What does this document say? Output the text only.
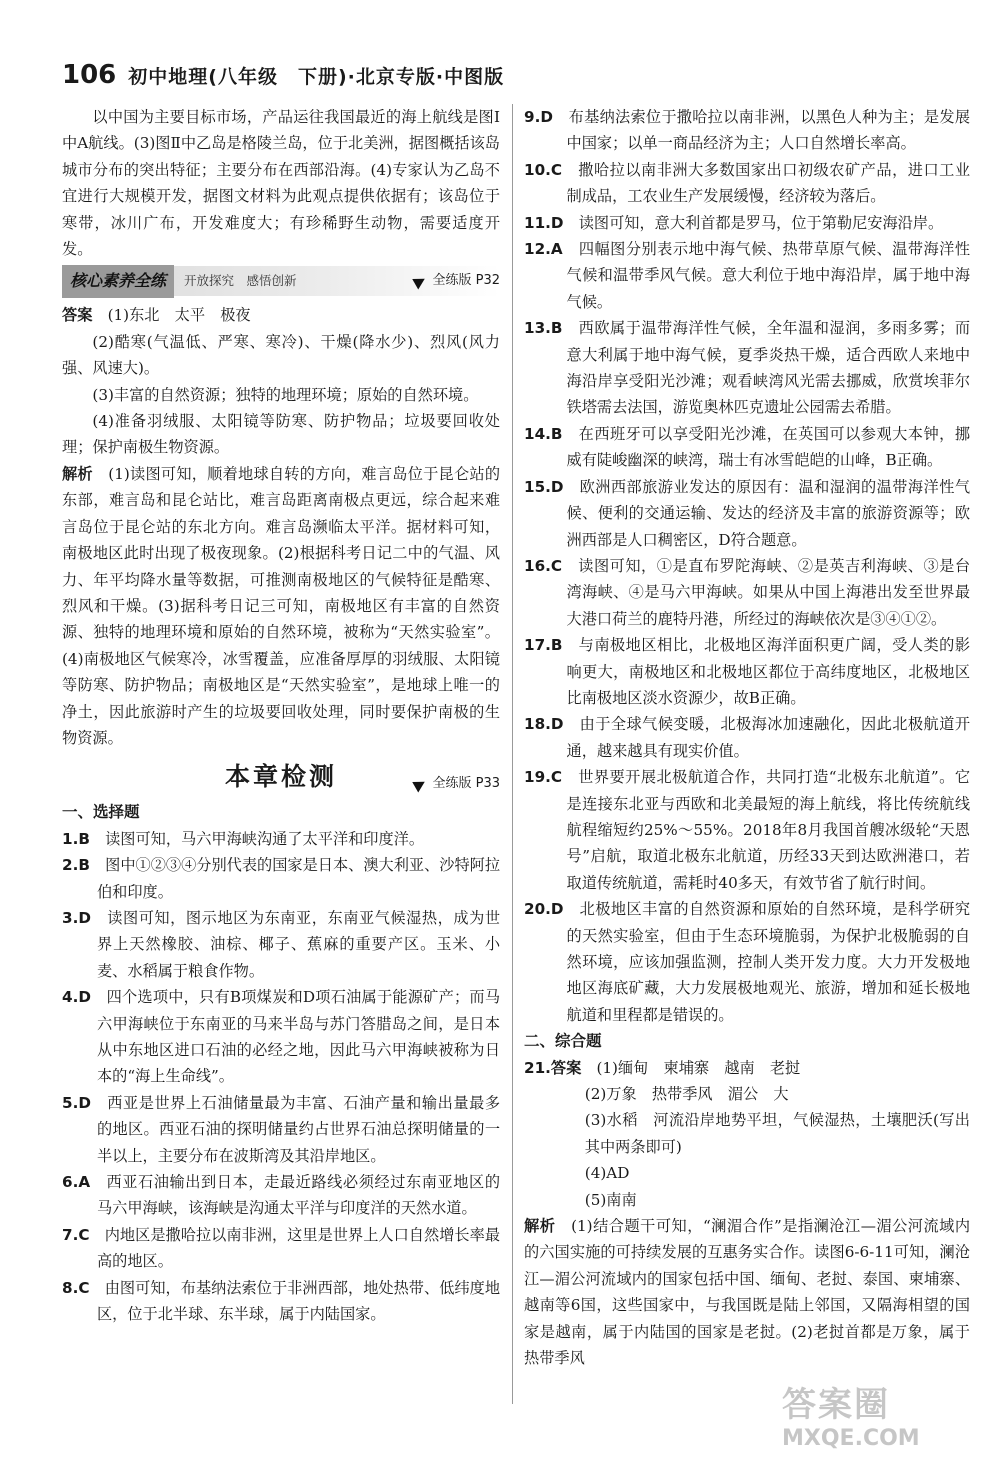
106 初中地理(八年级　下册)·北京专版·中图版

以中国为主要目标市场，产品运往我国最近的海上航线是图Ⅰ中A航线。(3)图Ⅱ中乙岛是格陵兰岛，位于北美洲，据图概括该岛城市分布的突出特征；主要分布在西部沿海。(4)专家认为乙岛不宜进行大规模开发，据图文材料为此观点提供依据有；该岛位于寒带，冰川广布，开发难度大；有珍稀野生动物，需要适度开发。

核心素养全练	开放探究　感悟创新	全练版 P32

答案　 (1)东北　太平　极夜

(2)酷寒(气温低、严寒、寒冷)、干燥(降水少)、烈风(风力强、风速大)。

(3)丰富的自然资源；独特的地理环境；原始的自然环境。

(4)准备羽绒服、太阳镜等防寒、防护物品；垃圾要回收处理；保护南极生物资源。

解析　 (1)读图可知，顺着地球自转的方向，难言岛位于昆仑站的东部，难言岛和昆仑站比，难言岛距离南极点更远，综合起来难言岛位于昆仑站的东北方向。难言岛濒临太平洋。据材料可知，南极地区此时出现了极夜现象。(2)根据科考日记二中的气温、风力、年平均降水量等数据，可推测南极地区的气候特征是酷寒、烈风和干燥。(3)据科考日记三可知，南极地区有丰富的自然资源、独特的地理环境和原始的自然环境，被称为“天然实验室”。(4)南极地区气候寒冷，冰雪覆盖，应准备厚厚的羽绒服、太阳镜等防寒、防护物品；南极地区是“天然实验室”，是地球上唯一的净土，因此旅游时产生的垃圾要回收处理，同时要保护南极的生物资源。

本章检测	全练版 P33

一、选择题

1.B　 读图可知，马六甲海峡沟通了太平洋和印度洋。

2.B　 图中①②③④分别代表的国家是日本、澳大利亚、沙特阿拉伯和印度。

3.D　 读图可知，图示地区为东南亚，东南亚气候湿热，成为世界上天然橡胶、油棕、椰子、蕉麻的重要产区。玉米、小麦、水稻属于粮食作物。

4.D　 四个选项中，只有B项煤炭和D项石油属于能源矿产；而马六甲海峡位于东南亚的马来半岛与苏门答腊岛之间，是日本从中东地区进口石油的必经之地，因此马六甲海峡被称为日本的“海上生命线”。

5.D　 西亚是世界上石油储量最为丰富、石油产量和输出量最多的地区。西亚石油的探明储量约占世界石油总探明储量的一半以上，主要分布在波斯湾及其沿岸地区。

6.A　 西亚石油输出到日本，走最近路线必须经过东南亚地区的马六甲海峡，该海峡是沟通太平洋与印度洋的天然水道。

7.C　 内地区是撒哈拉以南非洲，这里是世界上人口自然增长率最高的地区。

8.C　 由图可知，布基纳法索位于非洲西部，地处热带、低纬度地区，位于北半球、东半球，属于内陆国家。

9.D　 布基纳法索位于撒哈拉以南非洲，以黑色人种为主；是发展中国家；以单一商品经济为主；人口自然增长率高。

10.C　 撒哈拉以南非洲大多数国家出口初级农矿产品，进口工业制成品，工农业生产发展缓慢，经济较为落后。

11.D　 读图可知，意大利首都是罗马，位于第勒尼安海沿岸。

12.A　 四幅图分别表示地中海气候、热带草原气候、温带海洋性气候和温带季风气候。意大利位于地中海沿岸，属于地中海气候。

13.B　 西欧属于温带海洋性气候，全年温和湿润，多雨多雾；而意大利属于地中海气候，夏季炎热干燥，适合西欧人来地中海沿岸享受阳光沙滩；观看峡湾风光需去挪威，欣赏埃菲尔铁塔需去法国，游览奥林匹克遗址公园需去希腊。

14.B　 在西班牙可以享受阳光沙滩，在英国可以参观大本钟，挪威有陡峻幽深的峡湾，瑞士有冰雪皑皑的山峰，B正确。

15.D　 欧洲西部旅游业发达的原因有：温和湿润的温带海洋性气候、便利的交通运输、发达的经济及丰富的旅游资源等；欧洲西部是人口稠密区，D符合题意。

16.C　 读图可知，①是直布罗陀海峡、②是英吉利海峡、③是台湾海峡、④是马六甲海峡。如果从中国上海港出发至世界最大港口荷兰的鹿特丹港，所经过的海峡依次是③④①②。

17.B　 与南极地区相比，北极地区海洋面积更广阔，受人类的影响更大，南极地区和北极地区都位于高纬度地区，北极地区比南极地区淡水资源少，故B正确。

18.D　 由于全球气候变暖，北极海冰加速融化，因此北极航道开通，越来越具有现实价值。

19.C　 世界要开展北极航道合作，共同打造“北极东北航道”。它是连接东北亚与西欧和北美最短的海上航线，将比传统航线航程缩短约25%～55%。2018年8月我国首艘冰级轮“天恩号”启航，取道北极东北航道，历经33天到达欧洲港口，若取道传统航道，需耗时40多天，有效节省了航行时间。

20.D　 北极地区丰富的自然资源和原始的自然环境，是科学研究的天然实验室，但由于生态环境脆弱，为保护北极脆弱的自然环境，应该加强监测，控制人类开发力度。大力开发极地地区海底矿藏，大力发展极地观光、旅游，增加和延长极地航道和里程都是错误的。

二、综合题

21.答案　 (1)缅甸　柬埔寨　越南　老挝

(2)万象　热带季风　湄公　大

(3)水稻　河流沿岸地势平坦，气候湿热，土壤肥沃(写出其中两条即可)

(4)AD

(5)南南

解析　 (1)结合题干可知，“澜湄合作”是指澜沧江—湄公河流域内的六国实施的可持续发展的互惠务实合作。读图6-6-11可知，澜沧江—湄公河流域内的国家包括中国、缅甸、老挝、泰国、柬埔寨、越南等6国，这些国家中，与我国既是陆上邻国，又隔海相望的国家是越南，属于内陆国的国家是老挝。(2)老挝首都是万象，属于热带季风

答案圈
MXQE.COM
